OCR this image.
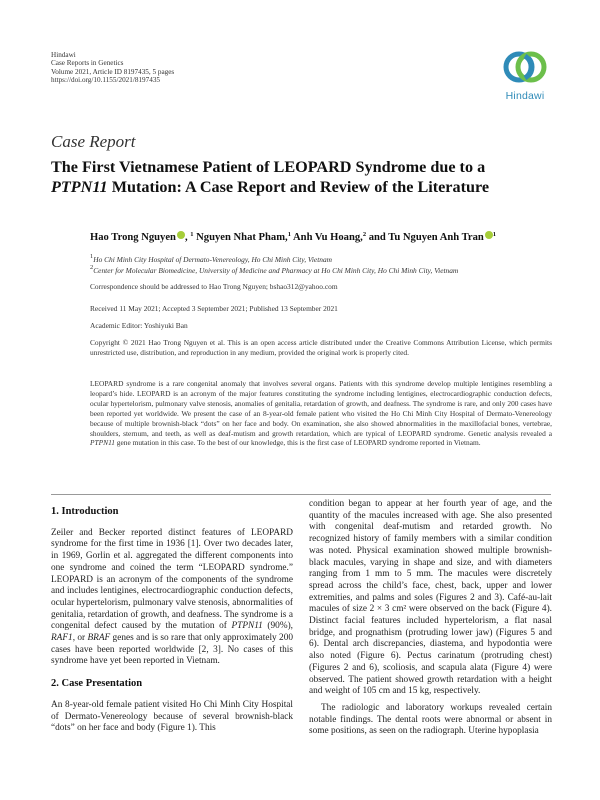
Hindawi
Case Reports in Genetics
Volume 2021, Article ID 8197435, 5 pages
https://doi.org/10.1155/2021/8197435
Hindawi
Case Report
The First Vietnamese Patient of LEOPARD Syndrome due to a
PTPN11 Mutation: A Case Report and Review of the Literature
Hao Trong Nguyen , $^1$ Nguyen Nhat Pham,$^1$ Anh Vu Hoang,$^2$ and Tu Nguyen Anh Tran $^1$
$^1$Ho Chi Minh City Hospital of Dermato-Venereology, Ho Chi Minh City, Vietnam
$^2$Center for Molecular Biomedicine, University of Medicine and Pharmacy at Ho Chi Minh City, Ho Chi Minh City, Vietnam
Correspondence should be addressed to Hao Trong Nguyen; bshao312@yahoo.com
Received 11 May 2021; Accepted 3 September 2021; Published 13 September 2021
Academic Editor: Yoshiyuki Ban
Copyright © 2021 Hao Trong Nguyen et al. This is an open access article distributed under the Creative Commons Attribution License, which permits unrestricted use, distribution, and reproduction in any medium, provided the original work is properly cited.
LEOPARD syndrome is a rare congenital anomaly that involves several organs. Patients with this syndrome develop multiple lentigines resembling a leopard’s hide. LEOPARD is an acronym of the major features constituting the syndrome including lentigines, electrocardiographic conduction defects, ocular hypertelorism, pulmonary valve stenosis, anomalies of genitalia, retardation of growth, and deafness. The syndrome is rare, and only 200 cases have been reported yet worldwide. We present the case of an 8-year-old female patient who visited the Ho Chi Minh City Hospital of Dermato-Venereology because of multiple brownish-black “dots” on her face and body. On examination, she also showed abnormalities in the maxillofacial bones, vertebrae, shoulders, sternum, and teeth, as well as deaf-mutism and growth retardation, which are typical of LEOPARD syndrome. Genetic analysis revealed a PTPN11 gene mutation in this case. To the best of our knowledge, this is the first case of LEOPARD syndrome reported in Vietnam.
1. Introduction

Zeiler and Becker reported distinct features of LEOPARD syndrome for the first time in 1936 [1]. Over two decades later, in 1969, Gorlin et al. aggregated the different components into one syndrome and coined the term “LEOPARD syndrome.” LEOPARD is an acronym of the components of the syndrome and includes lentigines, electrocardiographic conduction defects, ocular hypertelorism, pulmonary valve stenosis, abnormalities of genitalia, retardation of growth, and deafness. The syndrome is a congenital defect caused by the mutation of PTPN11 (90%), RAF1, or BRAF genes and is so rare that only approximately 200 cases have been reported worldwide [2, 3]. No cases of this syndrome have yet been reported in Vietnam.

2. Case Presentation

An 8-year-old female patient visited Ho Chi Minh City Hospital of Dermato-Venereology because of several brownish-black “dots” on her face and body (Figure 1). This

condition began to appear at her fourth year of age, and the quantity of the macules increased with age. She also presented with congenital deaf-mutism and retarded growth. No recognized history of family members with a similar condition was noted. Physical examination showed multiple brownish-black macules, varying in shape and size, and with diameters ranging from 1 mm to 5 mm. The macules were discretely spread across the child’s face, chest, back, upper and lower extremities, and palms and soles (Figures 2 and 3). Café-au-lait macules of size 2 × 3 cm² were observed on the back (Figure 4). Distinct facial features included hypertelorism, a flat nasal bridge, and prognathism (protruding lower jaw) (Figures 5 and 6). Dental arch discrepancies, diastema, and hypodontia were also noted (Figure 6). Pectus carinatum (protruding chest) (Figures 2 and 6), scoliosis, and scapula alata (Figure 4) were observed. The patient showed growth retardation with a height and weight of 105 cm and 15 kg, respectively.

The radiologic and laboratory workups revealed certain notable findings. The dental roots were abnormal or absent in some positions, as seen on the radiograph. Uterine hypoplasia
